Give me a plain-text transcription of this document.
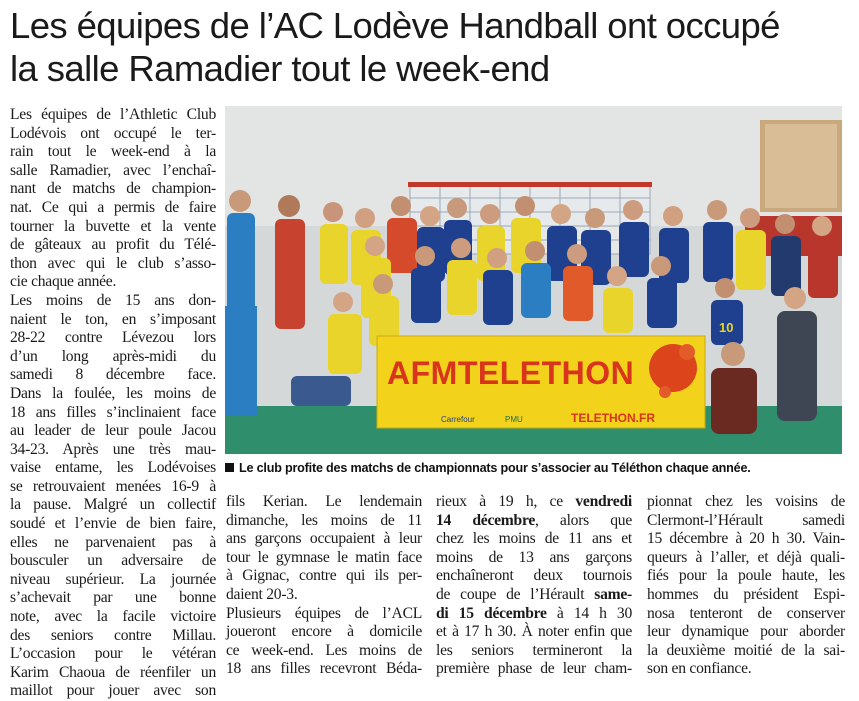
Les équipes de l’AC Lodève Handball ont occupé
la salle Ramadier tout le week-end
Les équipes de l’Athletic Club
Lodévois ont occupé le ter-
rain tout le week-end à la
salle Ramadier, avec l’enchaî-
nant de matchs de champion-
nat. Ce qui a permis de faire
tourner la buvette et la vente
de gâteaux au profit du Télé-
thon avec qui le club s’asso-
cie chaque année.
Les moins de 15 ans don-
naient le ton, en s’imposant
28-22 contre Lévezou lors
d’un long après-midi du
samedi 8 décembre face.
Dans la foulée, les moins de
18 ans filles s’inclinaient face
au leader de leur poule Jacou
34-23. Après une très mau-
vaise entame, les Lodévoises
se retrouvaient menées 16-9 à
la pause. Malgré un collectif
soudé et l’envie de bien faire,
elles ne parvenaient pas à
bousculer un adversaire de
niveau supérieur. La journée
s’achevait par une bonne
note, avec la facile victoire
des seniors contre Millau.
L’occasion pour le vétéran
Karim Chaoua de réenfiler un
maillot pour jouer avec son
AFMTELETHON
TELETHON.FR
Carrefour	PMU
10
Le club profite des matchs de championnats pour s’associer au Téléthon chaque année.
fils Kerian. Le lendemain
dimanche, les moins de 11
ans garçons occupaient à leur
tour le gymnase le matin face
à Gignac, contre qui ils per-
daient 20-3.
Plusieurs équipes de l’ACL
joueront encore à domicile
ce week-end. Les moins de
18 ans filles recevront Béda-
rieux à 19 h, ce vendredi
14 décembre, alors que
chez les moins de 11 ans et
moins de 13 ans garçons
enchaîneront deux tournois
de coupe de l’Hérault same-
di 15 décembre à 14 h 30
et à 17 h 30. À noter enfin que
les seniors termineront la
première phase de leur cham-
pionnat chez les voisins de
Clermont-l’Hérault samedi
15 décembre à 20 h 30. Vain-
queurs à l’aller, et déjà quali-
fiés pour la poule haute, les
hommes du président Espi-
nosa tenteront de conserver
leur dynamique pour aborder
la deuxième moitié de la sai-
son en confiance.
